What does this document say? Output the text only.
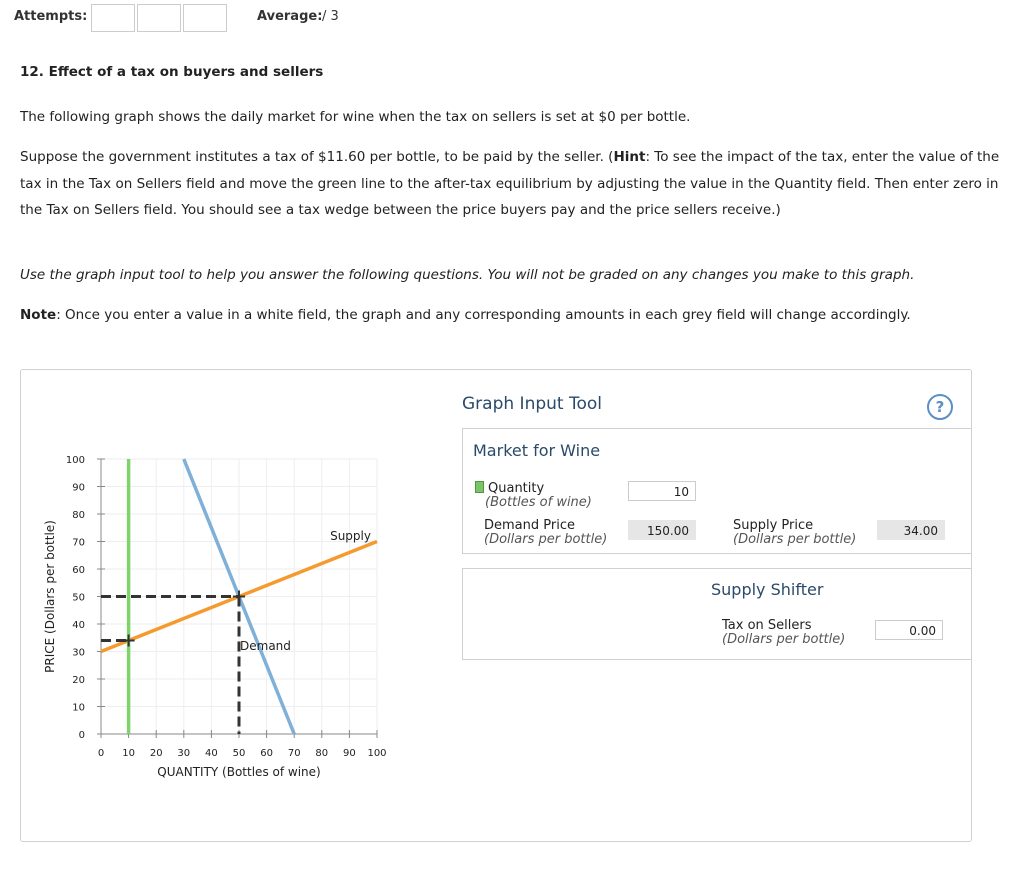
Attempts:	Average: / 3
12. Effect of a tax on buyers and sellers
The following graph shows the daily market for wine when the tax on sellers is set at $0 per bottle.
Suppose the government institutes a tax of $11.60 per bottle, to be paid by the seller. (Hint: To see the impact of the tax, enter the value of the tax in the Tax on Sellers field and move the green line to the after-tax equilibrium by adjusting the value in the Quantity field. Then enter zero in the Tax on Sellers field. You should see a tax wedge between the price buyers pay and the price sellers receive.)
Use the graph input tool to help you answer the following questions. You will not be graded on any changes you make to this graph.
Note: Once you enter a value in a white field, the graph and any corresponding amounts in each grey field will change accordingly.
0 10 20 30 40 50 60 70 80 90 100
0
10
20
30
40
50
60
70
80
90
100
QUANTITY (Bottles of wine)
PRICE (Dollars per bottle)	Supply
Demand
Graph Input Tool	?
Market for Wine
Quantity
(Bottles of wine)
10
Demand Price
(Dollars per bottle)
150.00	Supply Price
(Dollars per bottle)
34.00
Supply Shifter
Tax on Sellers
(Dollars per bottle)
0.00
